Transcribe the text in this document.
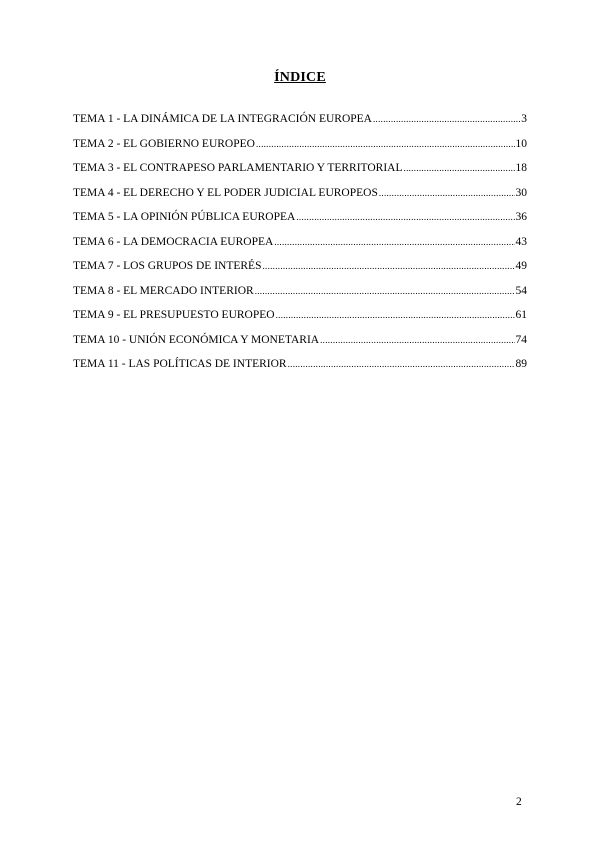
ÍNDICE
TEMA 1 - LA DINÁMICA DE LA INTEGRACIÓN EUROPEA .....	3
TEMA 2 - EL GOBIERNO EUROPEO .....	10
TEMA 3 - EL CONTRAPESO PARLAMENTARIO Y TERRITORIAL .....	18
TEMA 4 - EL DERECHO Y EL PODER JUDICIAL EUROPEOS .....	30
TEMA 5 - LA OPINIÓN PÚBLICA EUROPEA .....	36
TEMA 6 - LA DEMOCRACIA EUROPEA .....	43
TEMA 7 - LOS GRUPOS DE INTERÉS .....	49
TEMA 8 - EL MERCADO INTERIOR .....	54
TEMA 9 - EL PRESUPUESTO EUROPEO .....	61
TEMA 10 - UNIÓN ECONÓMICA Y MONETARIA .....	74
TEMA 11 - LAS POLÍTICAS DE INTERIOR .....	89
2
